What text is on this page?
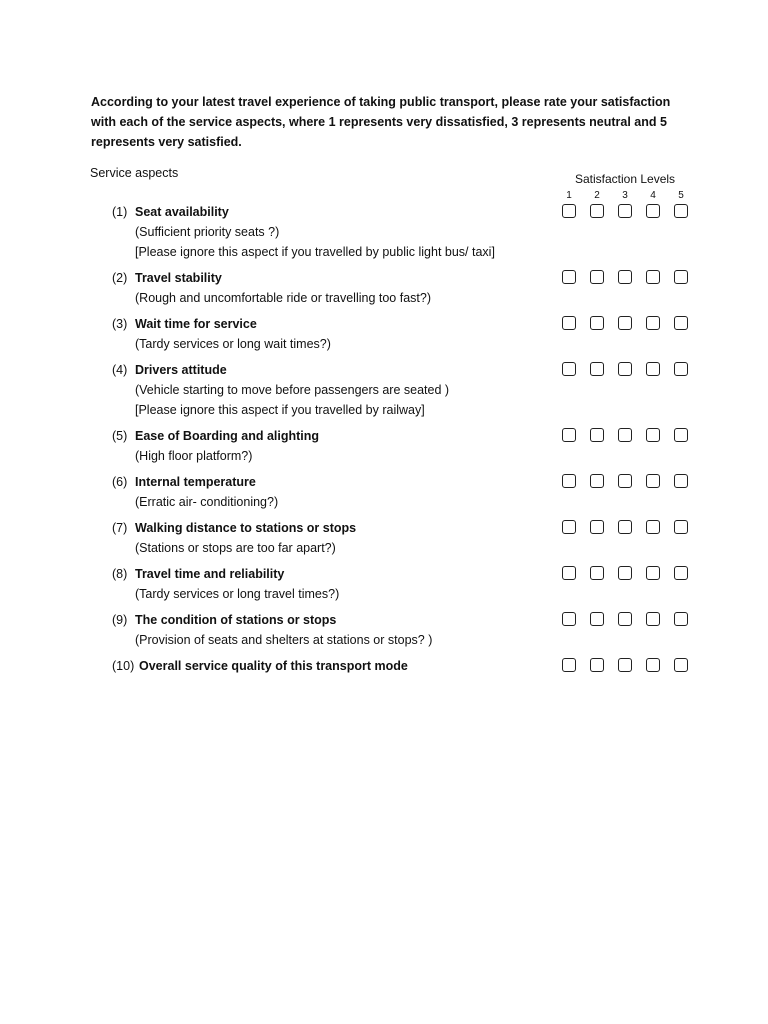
According to your latest travel experience of taking public transport, please rate your satisfaction with each of the service aspects, where 1 represents very dissatisfied, 3 represents neutral and 5 represents very satisfied.
Service aspects	Satisfaction Levels
1	2	3	4	5
(1) Seat availability
(Sufficient priority seats ?)
[Please ignore this aspect if you travelled by public light bus/ taxi]
(2) Travel stability
(Rough and uncomfortable ride or travelling too fast?)
(3) Wait time for service
(Tardy services or long wait times?)
(4) Drivers attitude
(Vehicle starting to move before passengers are seated )
[Please ignore this aspect if you travelled by railway]
(5) Ease of Boarding and alighting
(High floor platform?)
(6) Internal temperature
(Erratic air- conditioning?)
(7) Walking distance to stations or stops
(Stations or stops are too far apart?)
(8) Travel time and reliability
(Tardy services or long travel times?)
(9) The condition of stations or stops
(Provision of seats and shelters at stations or stops? )
(10) Overall service quality of this transport mode
